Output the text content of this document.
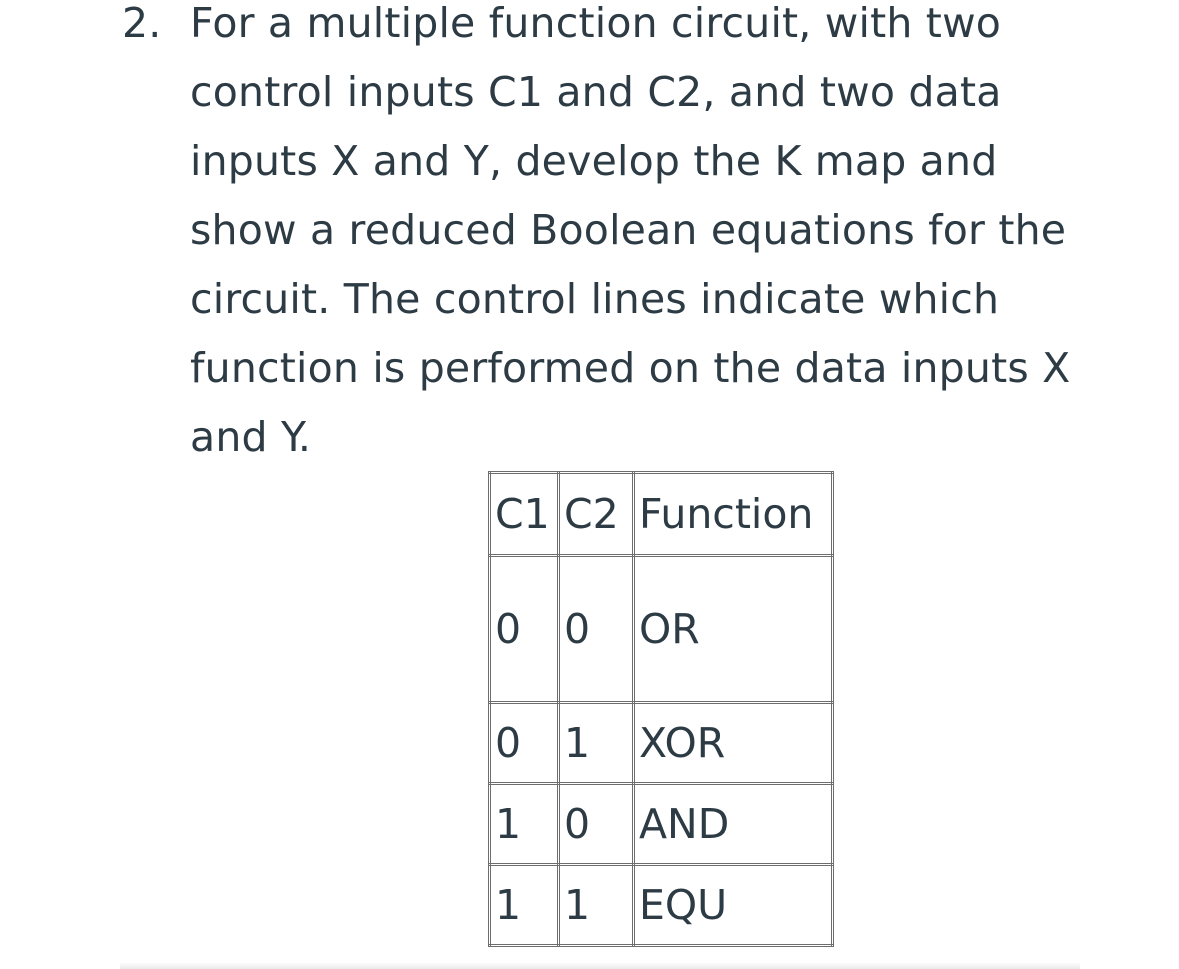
2. For a multiple function circuit, with two
control inputs C1 and C2, and two data
inputs X and Y, develop the K map and
show a reduced Boolean equations for the
circuit. The control lines indicate which
function is performed on the data inputs X
and Y.
C1	C2	Function
0	0	OR
0	1	XOR
1	0	AND
1	1	EQU
